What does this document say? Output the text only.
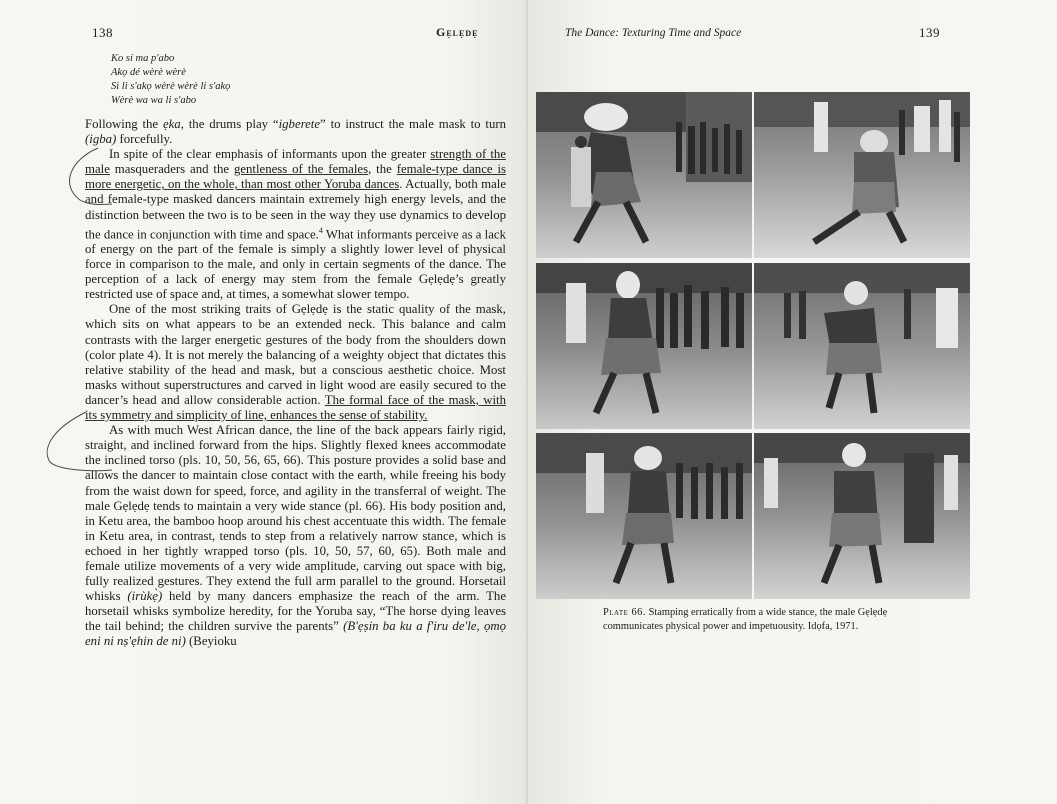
138	Gẹlẹdẹ
Ko sí ma p'abo
Akọ dé wèrè wèrè
Sì li s'akọ wèrè wèrè li s'akọ
Wèrè wa wa li s'abo

Following the ẹka, the drums play “igberete” to instruct the male mask to turn (igba) forcefully.

In spite of the clear emphasis of informants upon the greater strength of the male masqueraders and the gentleness of the females, the female-type dance is more energetic, on the whole, than most other Yoruba dances. Actually, both male and female-type masked dancers maintain extremely high energy levels, and the distinction between the two is to be seen in the way they use dynamics to develop the dance in conjunction with time and space.$^4$ What informants perceive as a lack of energy on the part of the female is simply a slightly lower level of physical force in comparison to the male, and only in certain segments of the dance. The perception of a lack of energy may stem from the female Gẹlẹdẹ’s greatly restricted use of space and, at times, a somewhat slower tempo.

One of the most striking traits of Gẹlẹdẹ is the static quality of the mask, which sits on what appears to be an extended neck. This balance and calm contrasts with the larger energetic gestures of the body from the shoulders down (color plate 4). It is not merely the balancing of a weighty object that dictates this relative stability of the head and mask, but a conscious aesthetic choice. Most masks without superstructures and carved in light wood are easily secured to the dancer’s head and allow considerable action. The formal face of the mask, with its symmetry and simplicity of line, enhances the sense of stability.

As with much West African dance, the line of the back appears fairly rigid, straight, and inclined forward from the hips. Slightly flexed knees accommodate the inclined torso (pls. 10, 50, 56, 65, 66). This posture provides a solid base and allows the dancer to maintain close contact with the earth, while freeing his body from the waist down for speed, force, and agility in the transferral of weight. The male Gẹlẹdẹ tends to maintain a very wide stance (pl. 66). His body position and, in Ketu area, the bamboo hoop around his chest accentuate this width. The female in Ketu area, in contrast, tends to step from a relatively narrow stance, which is echoed in her tightly wrapped torso (pls. 10, 50, 57, 60, 65). Both male and female utilize movements of a very wide amplitude, carving out space with big, fully realized gestures. They extend the full arm parallel to the ground. Horsetail whisks (irùkẹ̀) held by many dancers emphasize the reach of the arm. The horsetail whisks symbolize heredity, for the Yoruba say, “The horse dying leaves the tail behind; the children survive the parents” (B'ẹṣin ba ku a f'iru de'le, ọmọ eni ni nṣ'ẹhin de ni) (Beyioku

The Dance: Texturing Time and Space	139
Plate 66. Stamping erratically from a wide stance, the male Gẹlẹdẹ communicates physical power and impetuousity. Idọfa, 1971.
